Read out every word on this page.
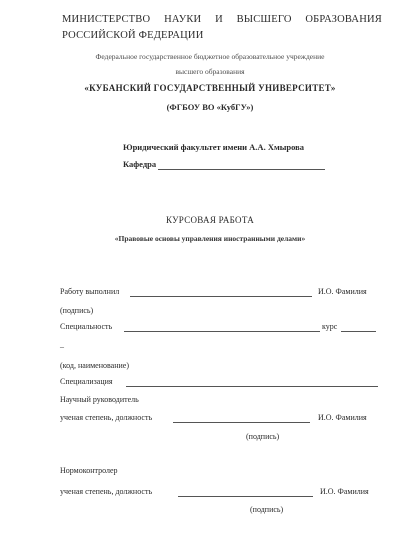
МИНИСТЕРСТВО НАУКИ И ВЫСШЕГО ОБРАЗОВАНИЯ
РОССИЙСКОЙ ФЕДЕРАЦИИ
Федеральное государственное бюджетное образовательное учреждение
высшего образования
«КУБАНСКИЙ ГОСУДАРСТВЕННЫЙ УНИВЕРСИТЕТ»
(ФГБОУ ВО «КубГУ»)
Юридический факультет имени А.А. Хмырова
Кафедра
КУРСОВАЯ РАБОТА
«Правовые основы управления иностранными делами»
Работу выполнил	И.О. Фамилия
(подпись)
Специальность	курс
–
(код, наименование)
Специализация
Научный руководитель
ученая степень, должность	И.О. Фамилия
(подпись)
Нормоконтролер
ученая степень, должность	И.О. Фамилия
(подпись)
